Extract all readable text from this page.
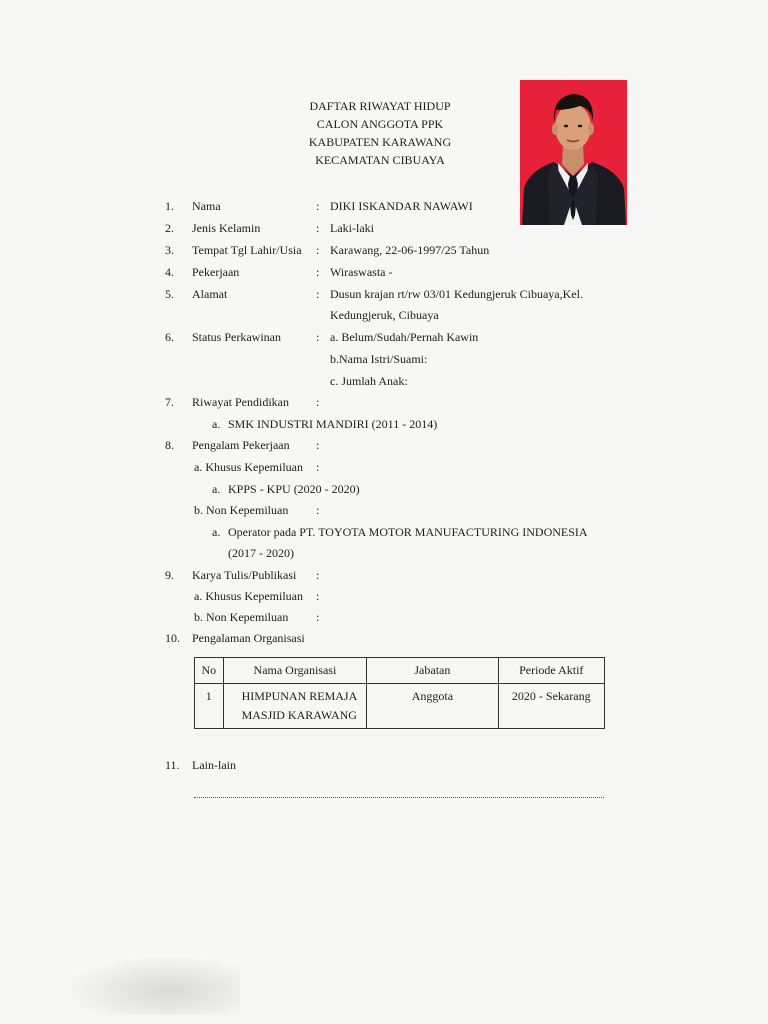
DAFTAR RIWAYAT HIDUP
CALON ANGGOTA PPK
KABUPATEN KARAWANG
KECAMATAN CIBUAYA
1. Nama	: DIKI ISKANDAR NAWAWI
2. Jenis Kelamin	: Laki-laki
3. Tempat Tgl Lahir/Usia : Karawang, 22-06-1997/25 Tahun
4. Pekerjaan	: Wiraswasta -
5. Alamat	: Dusun krajan rt/rw 03/01 Kedungjeruk Cibuaya,Kel.
Kedungjeruk, Cibuaya
6. Status Perkawinan	: a. Belum/Sudah/Pernah Kawin
b.Nama Istri/Suami:
c. Jumlah Anak:
7. Riwayat Pendidikan :
a. SMK INDUSTRI MANDIRI (2011 - 2014)
8. Pengalam Pekerjaan :
a. Khusus Kepemiluan :
a. KPPS - KPU (2020 - 2020)
b. Non Kepemiluan :
a. Operator pada PT. TOYOTA MOTOR MANUFACTURING INDONESIA
(2017 - 2020)
9. Karya Tulis/Publikasi :
a. Khusus Kepemiluan :
b. Non Kepemiluan :
10. Pengalaman Organisasi
No	Nama Organisasi	Jabatan	Periode Aktif
1	HIMPUNAN REMAJA
MASJID KARAWANG	Anggota	2020 - Sekarang
11. Lain-lain
